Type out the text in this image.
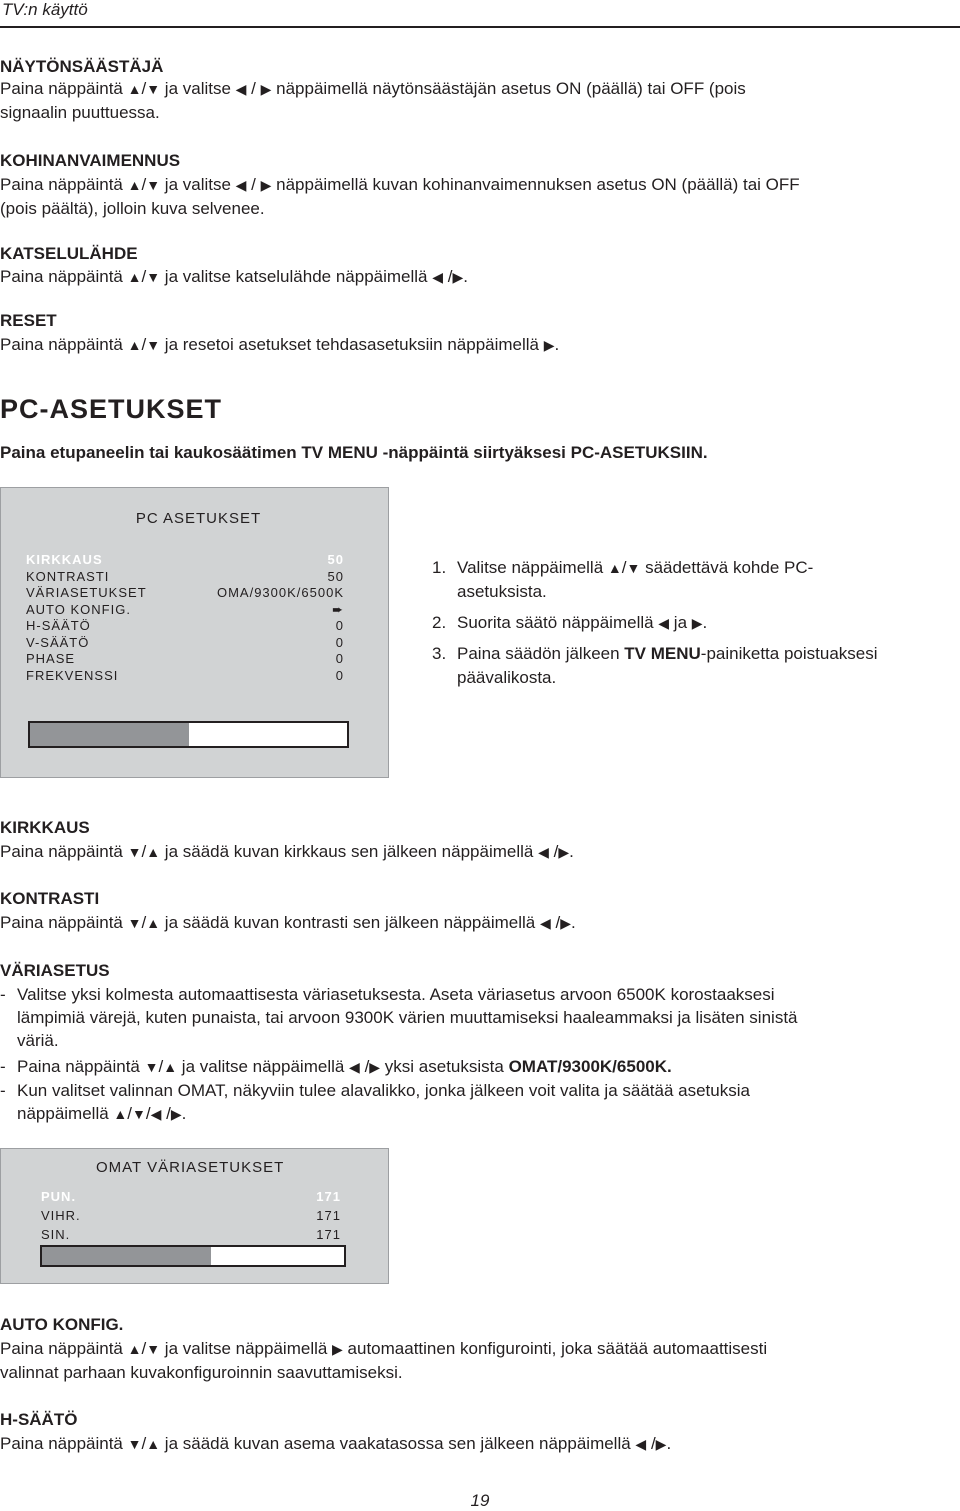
TV:n käyttö
NÄYTÖNSÄÄSTÄJÄ
Paina näppäintä ▲/▼ ja valitse ◀ / ▶ näppäimellä näytönsäästäjän asetus ON (päällä) tai OFF (pois
signaalin puuttuessa.
KOHINANVAIMENNUS
Paina näppäintä ▲/▼ ja valitse ◀ / ▶ näppäimellä kuvan kohinanvaimennuksen asetus ON (päällä) tai OFF
(pois päältä), jolloin kuva selvenee.
KATSELULÄHDE
Paina näppäintä ▲/▼ ja valitse katselulähde näppäimellä ◀ /▶.
RESET
Paina näppäintä ▲/▼ ja resetoi asetukset tehdasasetuksiin näppäimellä ▶.
PC-ASETUKSET
Paina etupaneelin tai kaukosäätimen TV MENU -näppäintä siirtyäksesi PC-ASETUKSIIN.
PC ASETUKSET
KIRKKAUS	50
KONTRASTI	50
VÄRIASETUKSET	OMA/9300K/6500K
AUTO KONFIG.	➨
H-SÄÄTÖ	0
V-SÄÄTÖ	0
PHASE	0
FREKVENSSI	0
1. Valitse näppäimellä ▲/▼ säädettävä kohde PC-
asetuksista.
2. Suorita säätö näppäimellä ◀ ja ▶.
3. Paina säädön jälkeen TV MENU-painiketta poistuaksesi
päävalikosta.
KIRKKAUS
Paina näppäintä ▼/▲ ja säädä kuvan kirkkaus sen jälkeen näppäimellä ◀ /▶.
KONTRASTI
Paina näppäintä ▼/▲ ja säädä kuvan kontrasti sen jälkeen näppäimellä ◀ /▶.
VÄRIASETUS
- Valitse yksi kolmesta automaattisesta väriasetuksesta. Aseta väriasetus arvoon 6500K korostaaksesi
lämpimiä värejä, kuten punaista, tai arvoon 9300K värien muuttamiseksi haaleammaksi ja lisäten sinistä
väriä.
- Paina näppäintä ▼/▲ ja valitse näppäimellä ◀ /▶ yksi asetuksista OMAT/9300K/6500K.
- Kun valitset valinnan OMAT, näkyviin tulee alavalikko, jonka jälkeen voit valita ja säätää asetuksia
näppäimellä ▲/▼/◀ /▶.
OMAT VÄRIASETUKSET
PUN.	171
VIHR.	171
SIN.	171
AUTO KONFIG.
Paina näppäintä ▲/▼ ja valitse näppäimellä ▶ automaattinen konfigurointi, joka säätää automaattisesti
valinnat parhaan kuvakonfiguroinnin saavuttamiseksi.
H-SÄÄTÖ
Paina näppäintä ▼/▲ ja säädä kuvan asema vaakatasossa sen jälkeen näppäimellä ◀ /▶.
19
